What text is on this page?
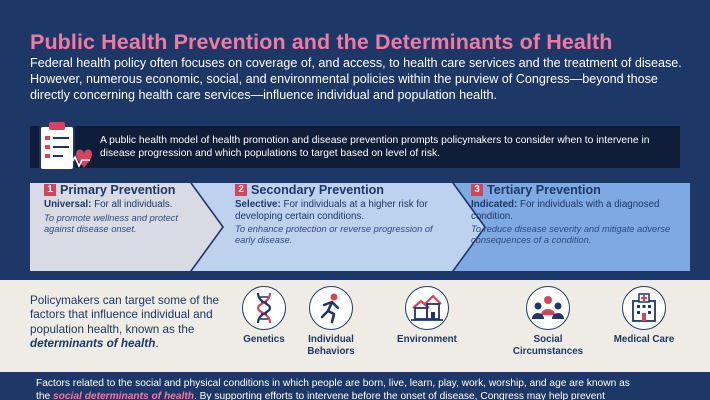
Public Health Prevention and the Determinants of Health
Federal health policy often focuses on coverage of, and access, to health care services and the treatment of disease. However, numerous economic, social, and environmental policies within the purview of Congress—beyond those directly concerning health care services—influence individual and population health.
A public health model of health promotion and disease prevention prompts policymakers to consider when to intervene in disease progression and which populations to target based on level of risk.
1 Primary Prevention
Universal: For all individuals.
To promote wellness and protect against disease onset.
2 Secondary Prevention
Selective: For individuals at a higher risk for developing certain conditions.
To enhance protection or reverse progression of early disease.
3 Tertiary Prevention
Indicated: For individuals with a diagnosed condition.
To reduce disease severity and mitigate adverse consequences of a condition.
Policymakers can target some of the factors that influence individual and population health, known as the determinants of health.	Genetics	Individual Behaviors
Environment	Social Circumstances
Medical Care
Factors related to the social and physical conditions in which people are born, live, learn, play, work, worship, and age are known as
the social determinants of health. By supporting efforts to intervene before the onset of disease, Congress may help prevent
